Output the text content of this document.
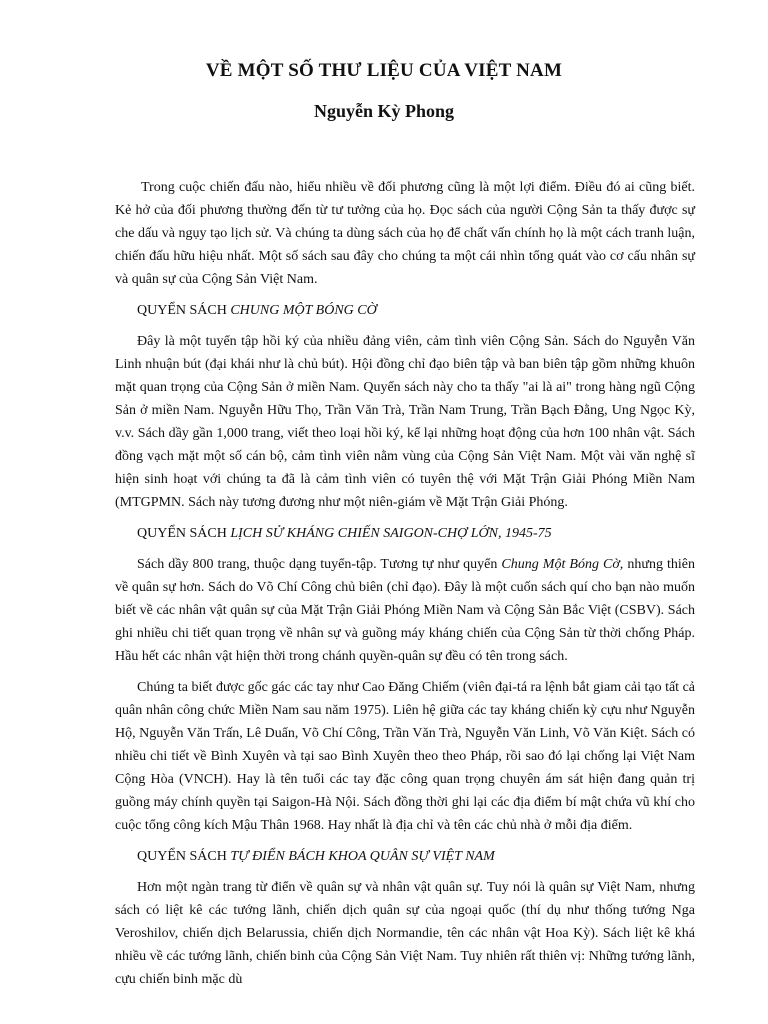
VỀ MỘT SỐ THƯ LIỆU CỦA VIỆT NAM
Nguyễn Kỳ Phong

Trong cuộc chiến đấu nào, hiểu nhiều về đối phương cũng là một lợi điểm. Điều đó ai cũng biết. Kẻ hở của đối phương thường đến từ tư tưởng của họ. Đọc sách của người Cộng Sản ta thấy được sự che dấu và ngụy tạo lịch sử. Và chúng ta dùng sách của họ để chất vấn chính họ là một cách tranh luận, chiến đấu hữu hiệu nhất. Một số sách sau đây cho chúng ta một cái nhìn tổng quát vào cơ cấu nhân sự và quân sự của Cộng Sản Việt Nam.

QUYỂN SÁCH CHUNG MỘT BÓNG CỜ

Đây là một tuyển tập hồi ký của nhiều đảng viên, cảm tình viên Cộng Sản. Sách do Nguyễn Văn Linh nhuận bút (đại khái như là chủ bút). Hội đồng chỉ đạo biên tập và ban biên tập gồm những khuôn mặt quan trọng của Cộng Sản ở miền Nam. Quyển sách này cho ta thấy "ai là ai" trong hàng ngũ Cộng Sản ở miền Nam. Nguyễn Hữu Thọ, Trần Văn Trà, Trần Nam Trung, Trần Bạch Đằng, Ung Ngọc Kỳ, v.v. Sách dầy gần 1,000 trang, viết theo loại hồi ký, kể lại những hoạt động của hơn 100 nhân vật. Sách đồng vạch mặt một số cán bộ, cảm tình viên nằm vùng của Cộng Sản Việt Nam. Một vài văn nghệ sĩ hiện sinh hoạt với chúng ta đã là cảm tình viên có tuyên thệ với Mặt Trận Giải Phóng Miền Nam (MTGPMN. Sách này tương đương như một niên-giám về Mặt Trận Giải Phóng.

QUYỂN SÁCH LỊCH SỬ KHÁNG CHIẾN SAIGON-CHỢ LỚN, 1945-75

Sách dầy 800 trang, thuộc dạng tuyển-tập. Tương tự như quyển Chung Một Bóng Cờ, nhưng thiên về quân sự hơn. Sách do Võ Chí Công chủ biên (chỉ đạo). Đây là một cuốn sách quí cho bạn nào muốn biết về các nhân vật quân sự của Mặt Trận Giải Phóng Miền Nam và Cộng Sản Bắc Việt (CSBV). Sách ghi nhiều chi tiết quan trọng về nhân sự và guồng máy kháng chiến của Cộng Sản từ thời chống Pháp. Hầu hết các nhân vật hiện thời trong chánh quyền-quân sự đều có tên trong sách.

Chúng ta biết được gốc gác các tay như Cao Đăng Chiếm (viên đại-tá ra lệnh bắt giam cải tạo tất cả quân nhân công chức Miền Nam sau năm 1975). Liên hệ giữa các tay kháng chiến kỳ cựu như Nguyễn Hộ, Nguyễn Văn Trấn, Lê Duẩn, Võ Chí Công, Trần Văn Trà, Nguyễn Văn Linh, Võ Văn Kiệt. Sách có nhiều chi tiết về Bình Xuyên và tại sao Bình Xuyên theo theo Pháp, rồi sao đó lại chống lại Việt Nam Cộng Hòa (VNCH). Hay là tên tuổi các tay đặc công quan trọng chuyên ám sát hiện đang quản trị guồng máy chính quyền tại Saigon-Hà Nội. Sách đồng thời ghi lại các địa điểm bí mật chứa vũ khí cho cuộc tổng công kích Mậu Thân 1968. Hay nhất là địa chỉ và tên các chủ nhà ở mỗi địa điểm.

QUYỂN SÁCH TỰ ĐIỂN BÁCH KHOA QUÂN SỰ VIỆT NAM

Hơn một ngàn trang từ điển về quân sự và nhân vật quân sự. Tuy nói là quân sự Việt Nam, nhưng sách có liệt kê các tướng lãnh, chiến dịch quân sự của ngoại quốc (thí dụ như thống tướng Nga Veroshilov, chiến dịch Belarussia, chiến dịch Normandie, tên các nhân vật Hoa Kỳ). Sách liệt kê khá nhiều về các tướng lãnh, chiến binh của Cộng Sản Việt Nam. Tuy nhiên rất thiên vị: Những tướng lãnh, cựu chiến binh mặc dù
